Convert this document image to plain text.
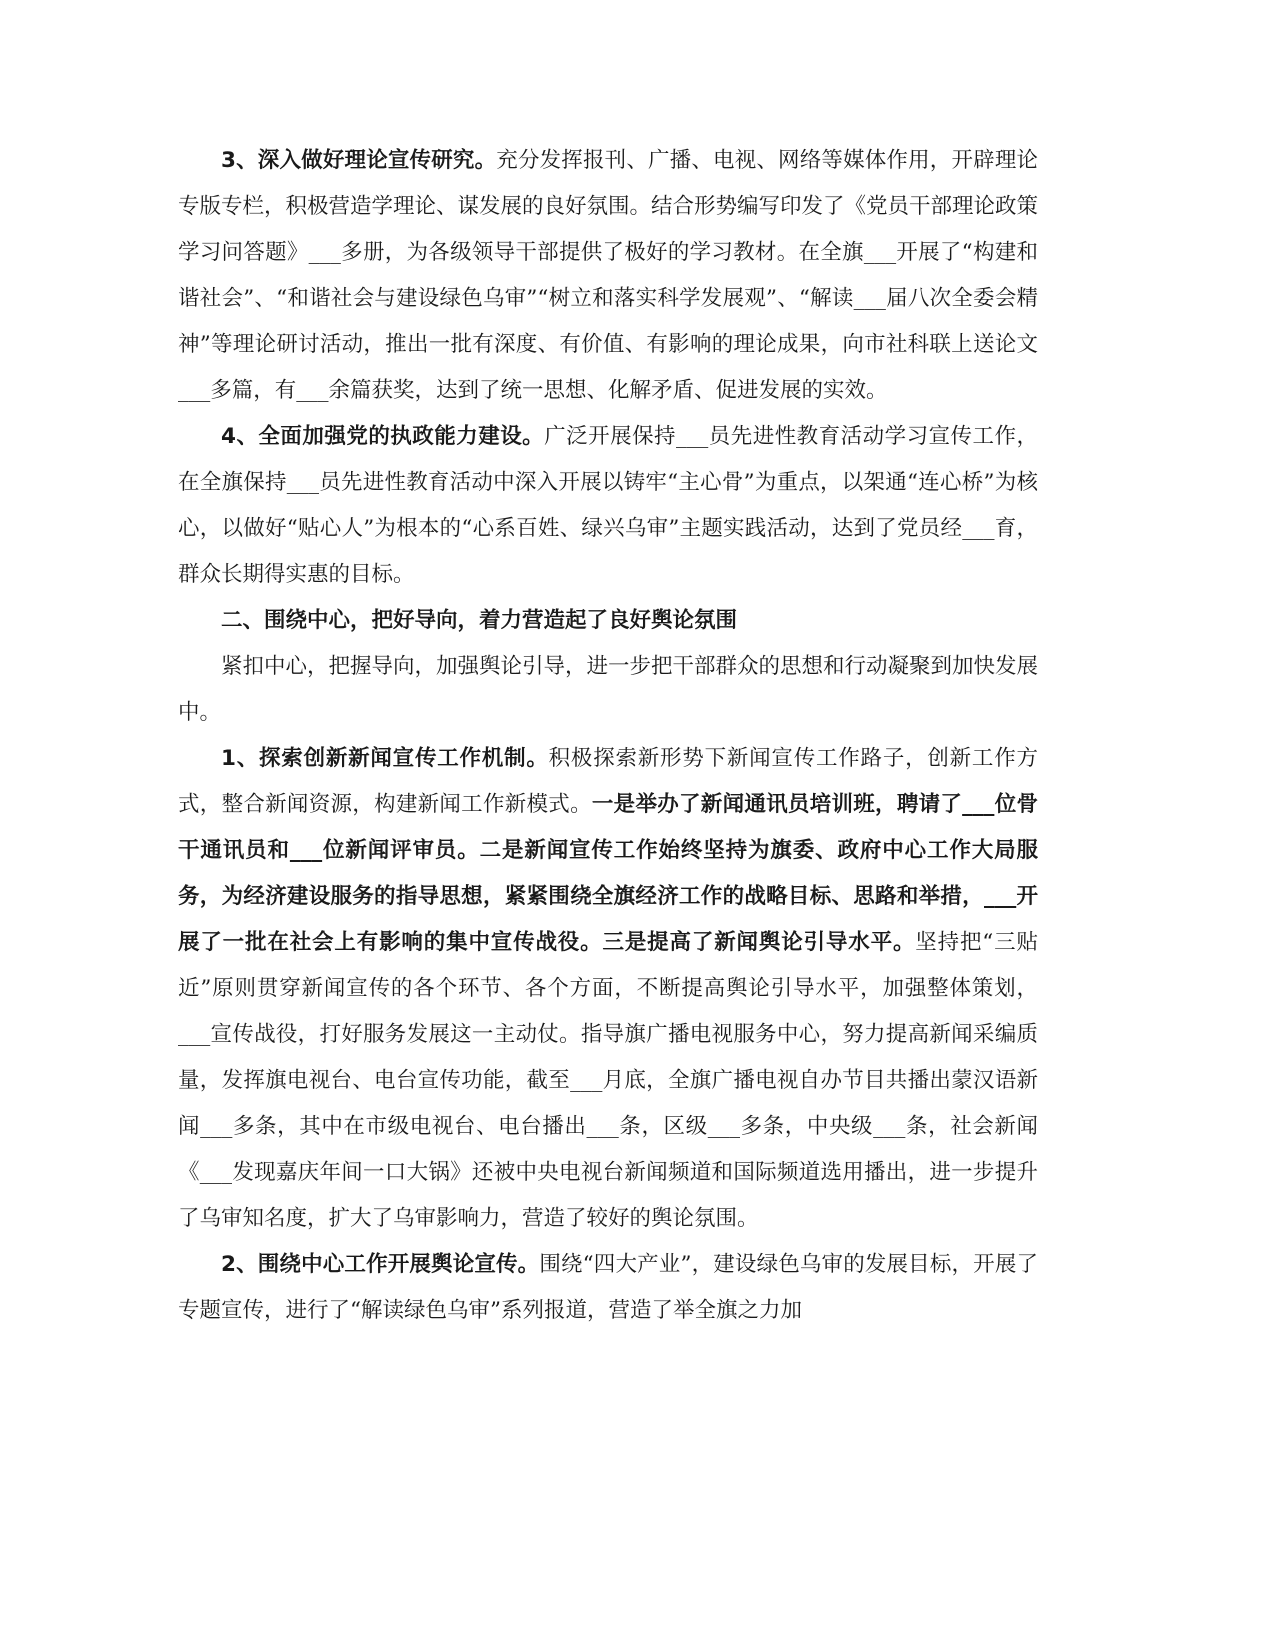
3、深入做好理论宣传研究。充分发挥报刊、广播、电视、网络等媒体作用，开辟理论专版专栏，积极营造学理论、谋发展的良好氛围。结合形势编写印发了《党员干部理论政策学习问答题》___多册，为各级领导干部提供了极好的学习教材。在全旗___开展了“构建和谐社会”、“和谐社会与建设绿色乌审”“树立和落实科学发展观”、“解读___届八次全委会精神”等理论研讨活动，推出一批有深度、有价值、有影响的理论成果，向市社科联上送论文___多篇，有___余篇获奖，达到了统一思想、化解矛盾、促进发展的实效。

4、全面加强党的执政能力建设。广泛开展保持___员先进性教育活动学习宣传工作，在全旗保持___员先进性教育活动中深入开展以铸牢“主心骨”为重点，以架通“连心桥”为核心，以做好“贴心人”为根本的“心系百姓、绿兴乌审”主题实践活动，达到了党员经___育，群众长期得实惠的目标。

二、围绕中心，把好导向，着力营造起了良好舆论氛围

紧扣中心，把握导向，加强舆论引导，进一步把干部群众的思想和行动凝聚到加快发展中。

1、探索创新新闻宣传工作机制。积极探索新形势下新闻宣传工作路子，创新工作方式，整合新闻资源，构建新闻工作新模式。一是举办了新闻通讯员培训班，聘请了___位骨干通讯员和___位新闻评审员。二是新闻宣传工作始终坚持为旗委、政府中心工作大局服务，为经济建设服务的指导思想，紧紧围绕全旗经济工作的战略目标、思路和举措，___开展了一批在社会上有影响的集中宣传战役。三是提高了新闻舆论引导水平。坚持把“三贴近”原则贯穿新闻宣传的各个环节、各个方面，不断提高舆论引导水平，加强整体策划，___宣传战役，打好服务发展这一主动仗。指导旗广播电视服务中心，努力提高新闻采编质量，发挥旗电视台、电台宣传功能，截至___月底，全旗广播电视自办节目共播出蒙汉语新闻___多条，其中在市级电视台、电台播出___条，区级___多条，中央级___条，社会新闻《___发现嘉庆年间一口大锅》还被中央电视台新闻频道和国际频道选用播出，进一步提升了乌审知名度，扩大了乌审影响力，营造了较好的舆论氛围。

2、围绕中心工作开展舆论宣传。围绕“四大产业”，建设绿色乌审的发展目标，开展了专题宣传，进行了“解读绿色乌审”系列报道，营造了举全旗之力加
